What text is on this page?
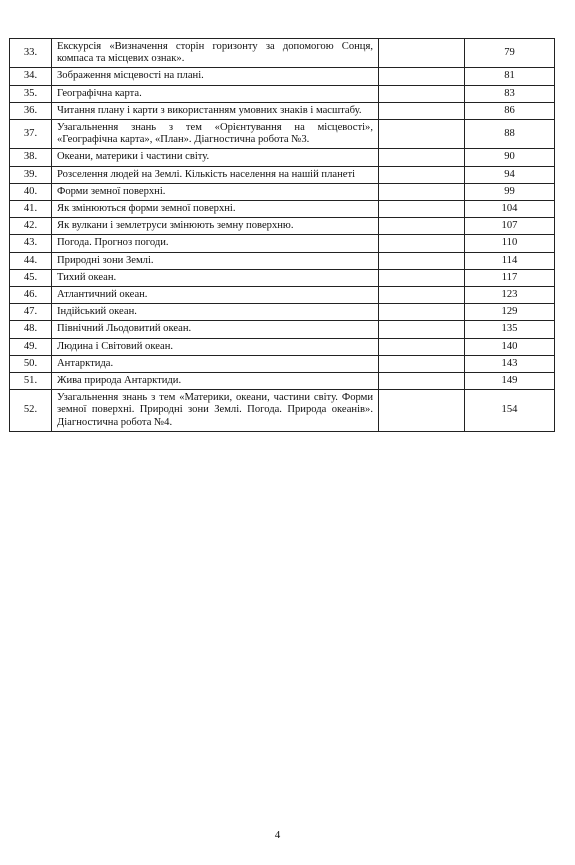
33.	Екскурсія «Визначення сторін горизонту за допомогою Сонця, компаса та місцевих ознак».		79
34.	Зображення місцевості на плані.		81
35.	Географічна карта.		83
36.	Читання плану і карти з використанням умовних знаків і масштабу.		86
37.	Узагальнення знань з тем «Орієнтування на місцевості», «Географічна карта», «План». Діагностична робота №3.		88
38.	Океани, материки і частини світу.		90
39.	Розселення людей на Землі. Кількість населення на нашій планеті		94
40.	Форми земної поверхні.		99
41.	Як змінюються форми земної поверхні.		104
42.	Як вулкани і землетруси змінюють земну поверхню.		107
43.	Погода. Прогноз погоди.		110
44.	Природні зони Землі.		114
45.	Тихий океан.		117
46.	Атлантичний океан.		123
47.	Індійський океан.		129
48.	Північний Льодовитий океан.		135
49.	Людина і Світовий океан.		140
50.	Антарктида.		143
51.	Жива природа Антарктиди.		149
52.	Узагальнення знань з тем «Материки, океани, частини світу. Форми земної поверхні. Природні зони Землі. Погода. Природа океанів». Діагностична робота №4.		154
4
